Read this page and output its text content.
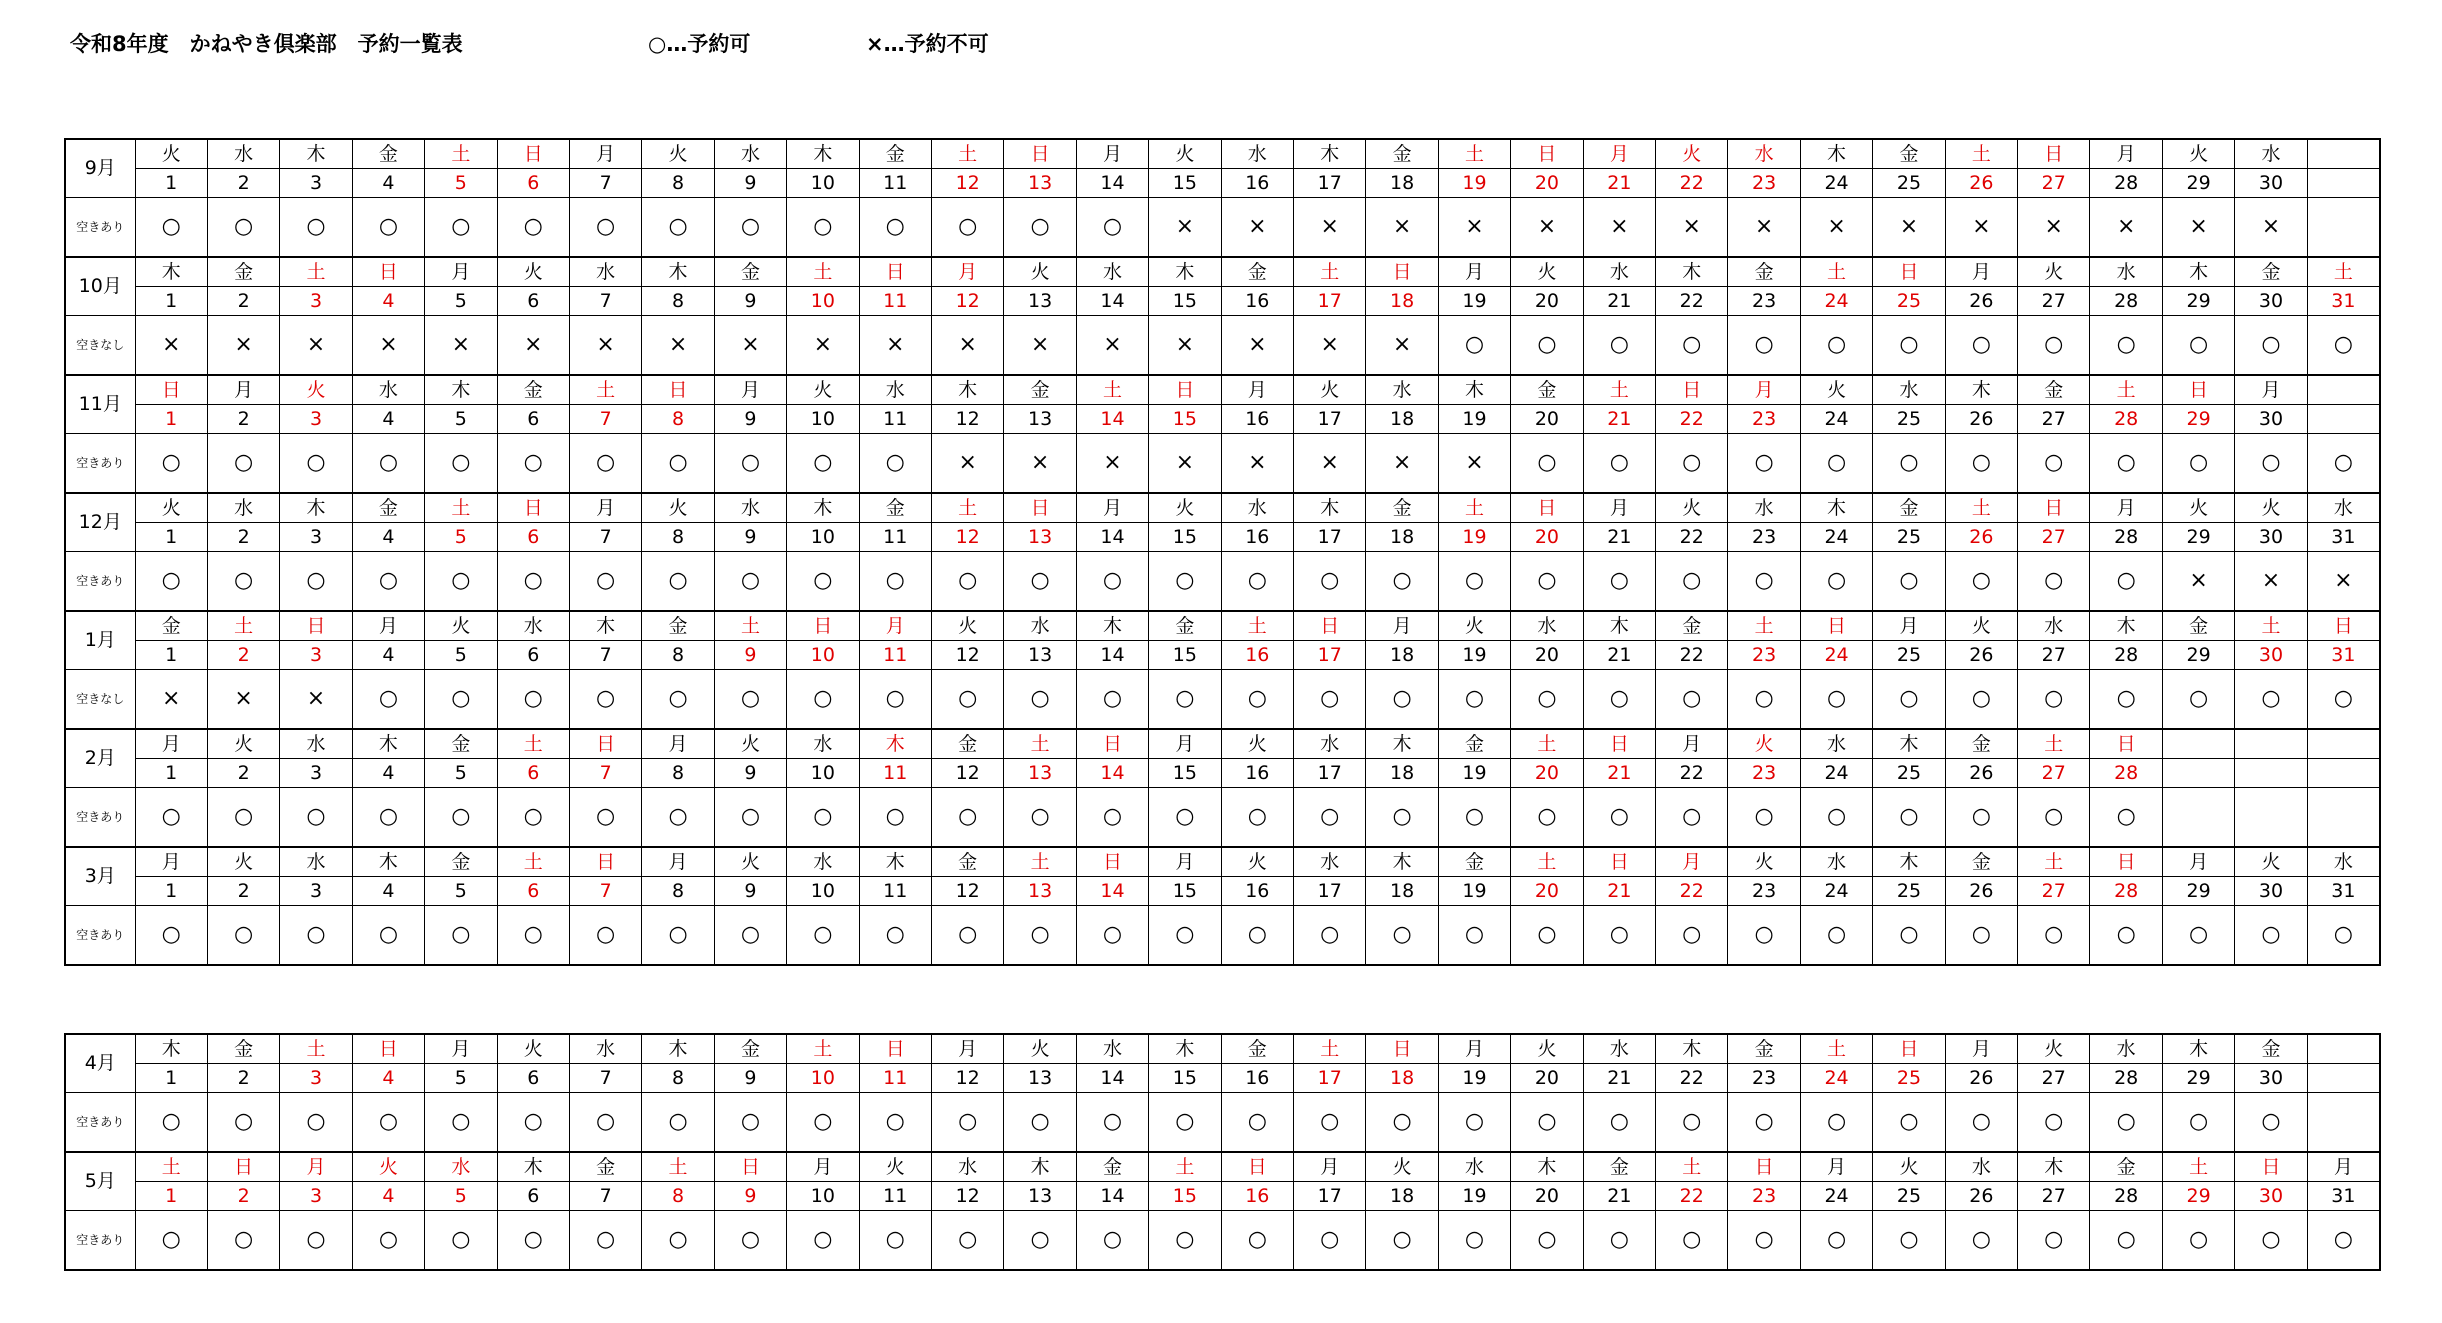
令和8年度　かねやき倶楽部　予約一覧表	○…予約可	×…予約不可
9月	火	水	木	金	土	日	月	火	水	木	金	土	日	月	火	水	木	金	土	日	月	火	水	木	金	土	日	月	火	水	
	1	2	3	4	5	6	7	8	9	10	11	12	13	14	15	16	17	18	19	20	21	22	23	24	25	26	27	28	29	30	
空きあり	○	○	○	○	○	○	○	○	○	○	○	○	○	○	×	×	×	×	×	×	×	×	×	×	×	×	×	×	×	×	
10月	木	金	土	日	月	火	水	木	金	土	日	月	火	水	木	金	土	日	月	火	水	木	金	土	日	月	火	水	木	金	土
	1	2	3	4	5	6	7	8	9	10	11	12	13	14	15	16	17	18	19	20	21	22	23	24	25	26	27	28	29	30	31
空きなし	×	×	×	×	×	×	×	×	×	×	×	×	×	×	×	×	×	×	○	○	○	○	○	○	○	○	○	○	○	○	○
11月	日	月	火	水	木	金	土	日	月	火	水	木	金	土	日	月	火	水	木	金	土	日	月	火	水	木	金	土	日	月	
	1	2	3	4	5	6	7	8	9	10	11	12	13	14	15	16	17	18	19	20	21	22	23	24	25	26	27	28	29	30	
空きあり	○	○	○	○	○	○	○	○	○	○	○	×	×	×	×	×	×	×	×	○	○	○	○	○	○	○	○	○	○	○	○
12月	火	水	木	金	土	日	月	火	水	木	金	土	日	月	火	水	木	金	土	日	月	火	水	木	金	土	日	月	火	火	水
	1	2	3	4	5	6	7	8	9	10	11	12	13	14	15	16	17	18	19	20	21	22	23	24	25	26	27	28	29	30	31
空きあり	○	○	○	○	○	○	○	○	○	○	○	○	○	○	○	○	○	○	○	○	○	○	○	○	○	○	○	○	×	×	×
1月	金	土	日	月	火	水	木	金	土	日	月	火	水	木	金	土	日	月	火	水	木	金	土	日	月	火	水	木	金	土	日
	1	2	3	4	5	6	7	8	9	10	11	12	13	14	15	16	17	18	19	20	21	22	23	24	25	26	27	28	29	30	31
空きなし	×	×	×	○	○	○	○	○	○	○	○	○	○	○	○	○	○	○	○	○	○	○	○	○	○	○	○	○	○	○	○
2月	月	火	水	木	金	土	日	月	火	水	木	金	土	日	月	火	水	木	金	土	日	月	火	水	木	金	土	日			
	1	2	3	4	5	6	7	8	9	10	11	12	13	14	15	16	17	18	19	20	21	22	23	24	25	26	27	28			
空きあり	○	○	○	○	○	○	○	○	○	○	○	○	○	○	○	○	○	○	○	○	○	○	○	○	○	○	○	○			
3月	月	火	水	木	金	土	日	月	火	水	木	金	土	日	月	火	水	木	金	土	日	月	火	水	木	金	土	日	月	火	水
	1	2	3	4	5	6	7	8	9	10	11	12	13	14	15	16	17	18	19	20	21	22	23	24	25	26	27	28	29	30	31
空きあり	○	○	○	○	○	○	○	○	○	○	○	○	○	○	○	○	○	○	○	○	○	○	○	○	○	○	○	○	○	○	○
4月	木	金	土	日	月	火	水	木	金	土	日	月	火	水	木	金	土	日	月	火	水	木	金	土	日	月	火	水	木	金	
	1	2	3	4	5	6	7	8	9	10	11	12	13	14	15	16	17	18	19	20	21	22	23	24	25	26	27	28	29	30	
空きあり	○	○	○	○	○	○	○	○	○	○	○	○	○	○	○	○	○	○	○	○	○	○	○	○	○	○	○	○	○	○	
5月	土	日	月	火	水	木	金	土	日	月	火	水	木	金	土	日	月	火	水	木	金	土	日	月	火	水	木	金	土	日	月
	1	2	3	4	5	6	7	8	9	10	11	12	13	14	15	16	17	18	19	20	21	22	23	24	25	26	27	28	29	30	31
空きあり	○	○	○	○	○	○	○	○	○	○	○	○	○	○	○	○	○	○	○	○	○	○	○	○	○	○	○	○	○	○	○
